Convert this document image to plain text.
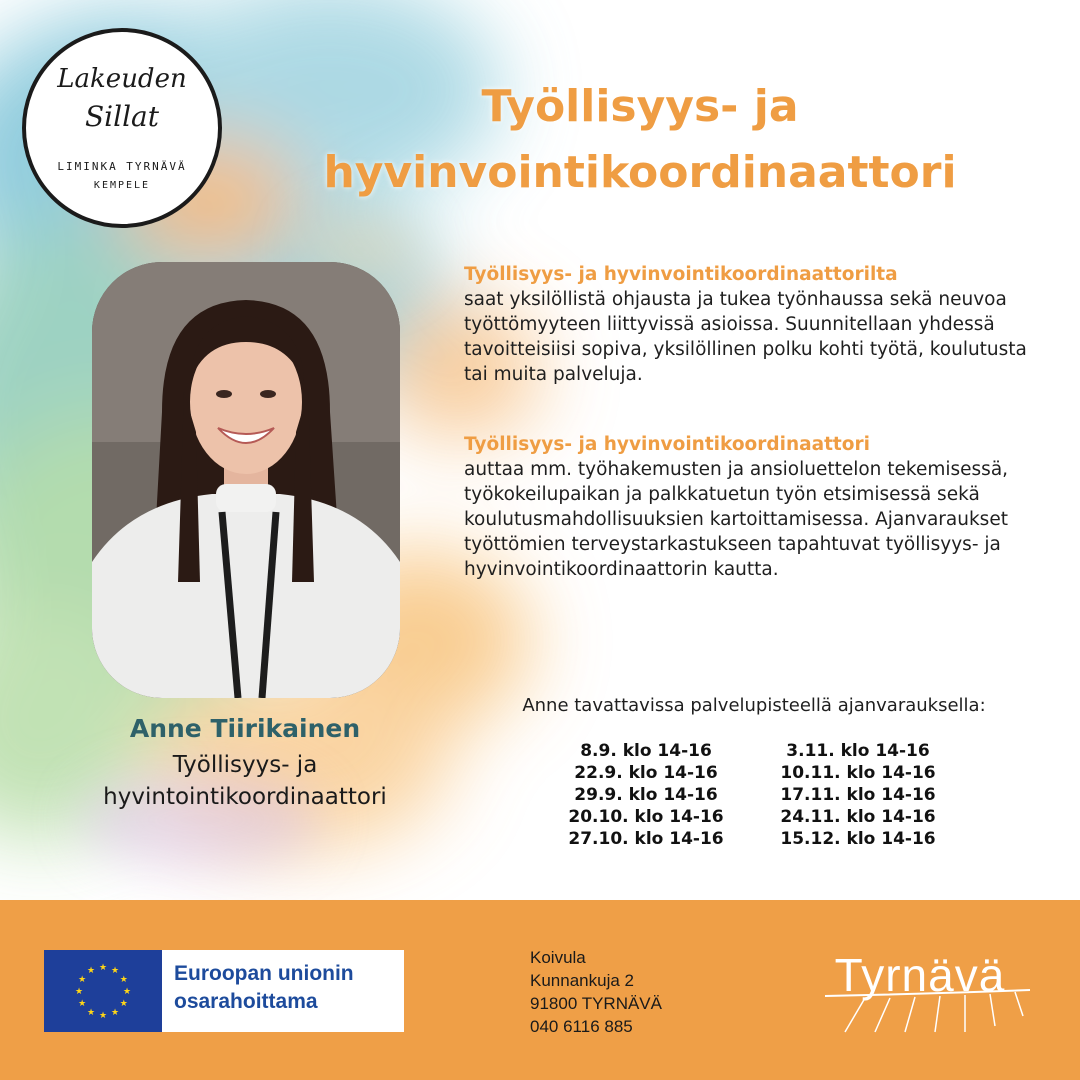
Lakeuden
Sillat
LIMINKA TYRNÄVÄ
KEMPELE
Työllisyys- ja
hyvinvointikoordinaattori
Anne Tiirikainen
Työllisyys- ja
hyvintointikoordinaattori
Työllisyys- ja hyvinvointikoordinaattorilta
saat yksilöllistä ohjausta ja tukea työnhaussa sekä neuvoa työttömyyteen liittyvissä asioissa. Suunnitellaan yhdessä tavoitteisiisi sopiva, yksilöllinen polku kohti työtä, koulutusta tai muita palveluja.
Työllisyys- ja hyvinvointikoordinaattori
auttaa mm. työhakemusten ja ansioluettelon tekemisessä, työkokeilupaikan ja palkkatuetun työn etsimisessä sekä koulutusmahdollisuuksien kartoittamisessa. Ajanvaraukset työttömien terveystarkastukseen tapahtuvat työllisyys- ja hyvinvointikoordinaattorin kautta.
Anne tavattavissa palvelupisteellä ajanvarauksella:
8.9. klo 14-16
22.9. klo 14-16
29.9. klo 14-16
20.10. klo 14-16
27.10. klo 14-16
3.11. klo 14-16
10.11. klo 14-16
17.11. klo 14-16
24.11. klo 14-16
15.12. klo 14-16
★ ★
★
★
★
★
★
★
★
★
★
★	Euroopan unionin
osarahoittama
Koivula
Kunnankuja 2
91800 TYRNÄVÄ
040 6116 885
Tyrnävä
